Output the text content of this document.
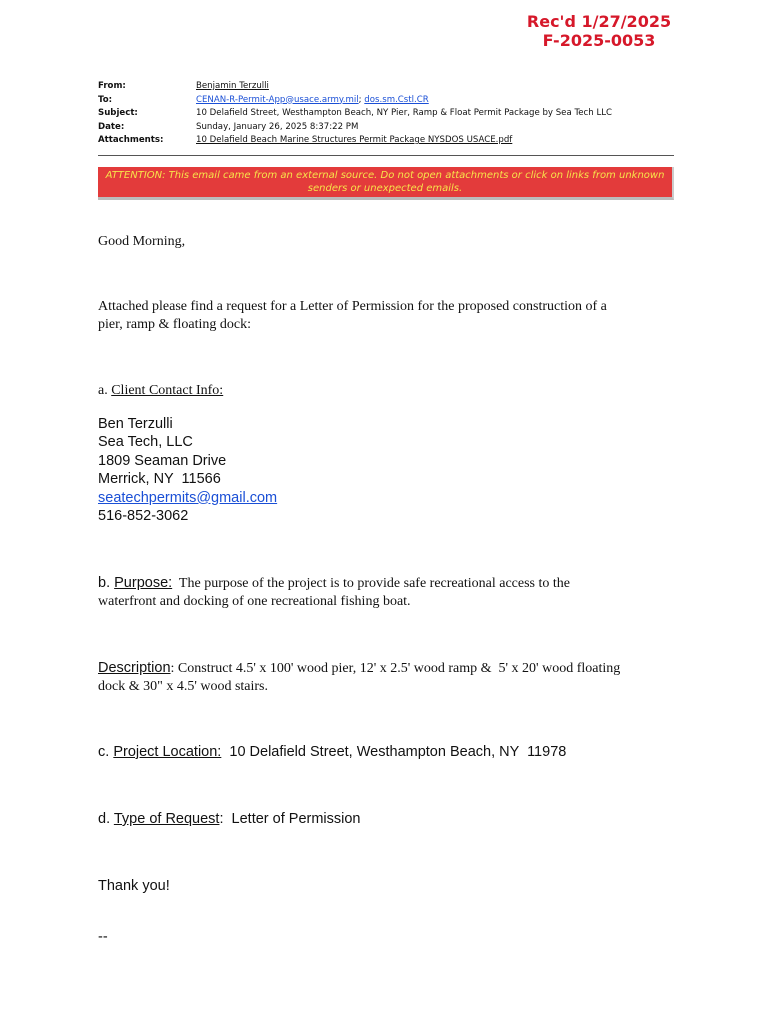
Rec'd 1/27/2025
F-2025-0053
From:	Benjamin Terzulli
To:	CENAN-R-Permit-App@usace.army.mil; dos.sm.Cstl.CR
Subject:	10 Delafield Street, Westhampton Beach, NY Pier, Ramp & Float Permit Package by Sea Tech LLC
Date:	Sunday, January 26, 2025 8:37:22 PM
Attachments:	10 Delafield Beach Marine Structures Permit Package NYSDOS USACE.pdf
ATTENTION: This email came from an external source. Do not open attachments or click on links from unknown
senders or unexpected emails.
Good Morning,
Attached please find a request for a Letter of Permission for the proposed construction of a
pier, ramp & floating dock:
a. Client Contact Info:
Ben Terzulli
Sea Tech, LLC
1809 Seaman Drive
Merrick, NY  11566
seatechpermits@gmail.com
516-852-3062
b. Purpose: The purpose of the project is to provide safe recreational access to the
waterfront and docking of one recreational fishing boat.
Description: Construct 4.5' x 100' wood pier, 12' x 2.5' wood ramp &  5' x 20' wood floating
dock & 30" x 4.5' wood stairs.
c. Project Location: 10 Delafield Street, Westhampton Beach, NY  11978
d. Type of Request:  Letter of Permission
Thank you!
--
